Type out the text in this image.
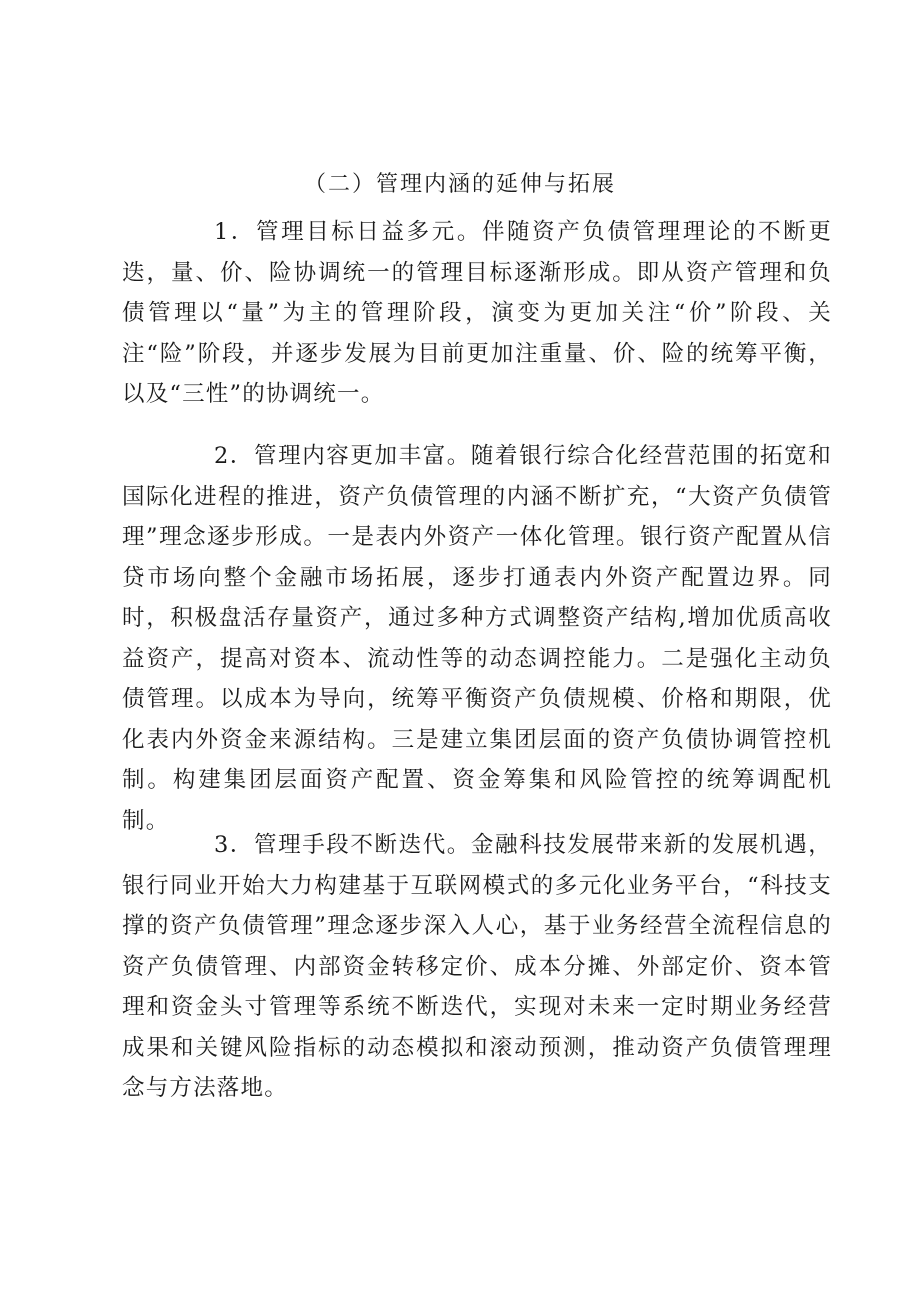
（二）管理内涵的延伸与拓展

1．管理目标日益多元。伴随资产负债管理理论的不断更迭，量、价、险协调统一的管理目标逐渐形成。即从资产管理和负债管理以“量”为主的管理阶段，演变为更加关注“价”阶段、关注“险”阶段，并逐步发展为目前更加注重量、价、险的统筹平衡，以及“三性”的协调统一。

2．管理内容更加丰富。随着银行综合化经营范围的拓宽和国际化进程的推进，资产负债管理的内涵不断扩充，“大资产负债管理”理念逐步形成。一是表内外资产一体化管理。银行资产配置从信贷市场向整个金融市场拓展，逐步打通表内外资产配置边界。同时，积极盘活存量资产，通过多种方式调整资产结构,增加优质高收益资产，提高对资本、流动性等的动态调控能力。二是强化主动负债管理。以成本为导向，统筹平衡资产负债规模、价格和期限，优化表内外资金来源结构。三是建立集团层面的资产负债协调管控机制。构建集团层面资产配置、资金筹集和风险管控的统筹调配机制。

3．管理手段不断迭代。金融科技发展带来新的发展机遇，银行同业开始大力构建基于互联网模式的多元化业务平台，“科技支撑的资产负债管理”理念逐步深入人心，基于业务经营全流程信息的资产负债管理、内部资金转移定价、成本分摊、外部定价、资本管理和资金头寸管理等系统不断迭代，实现对未来一定时期业务经营成果和关键风险指标的动态模拟和滚动预测，推动资产负债管理理念与方法落地。
